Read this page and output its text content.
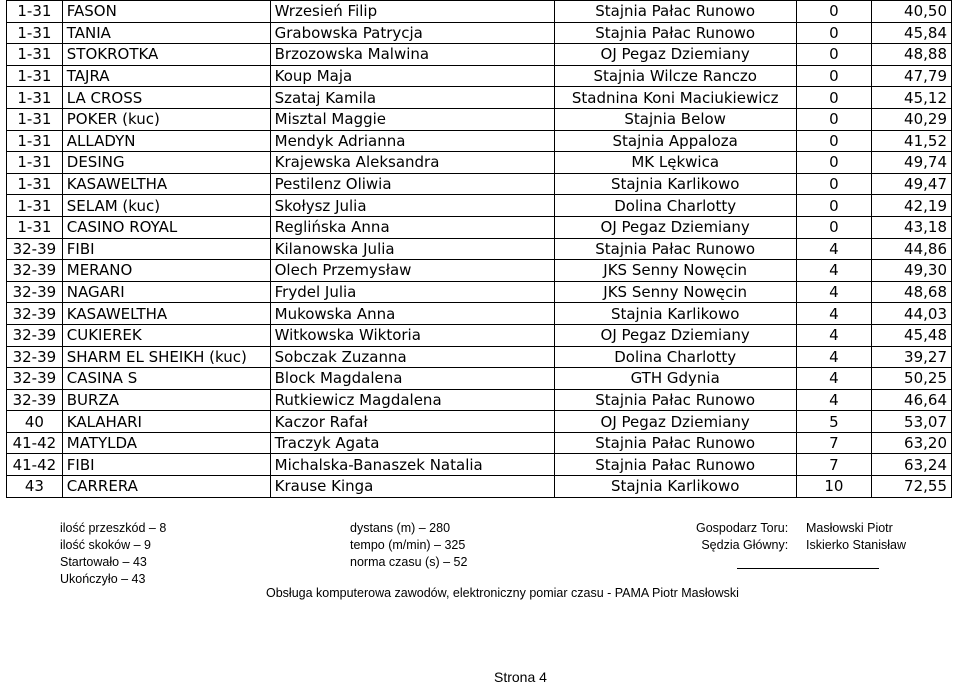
1-31	FASON	Wrzesień Filip	Stajnia Pałac Runowo	0	40,50
1-31	TANIA	Grabowska Patrycja	Stajnia Pałac Runowo	0	45,84
1-31	STOKROTKA	Brzozowska Malwina	OJ Pegaz Dziemiany	0	48,88
1-31	TAJRA	Koup Maja	Stajnia Wilcze Ranczo	0	47,79
1-31	LA CROSS	Szataj Kamila	Stadnina Koni Maciukiewicz	0	45,12
1-31	POKER (kuc)	Misztal Maggie	Stajnia Below	0	40,29
1-31	ALLADYN	Mendyk Adrianna	Stajnia Appaloza	0	41,52
1-31	DESING	Krajewska Aleksandra	MK Lękwica	0	49,74
1-31	KASAWELTHA	Pestilenz Oliwia	Stajnia Karlikowo	0	49,47
1-31	SELAM (kuc)	Skołysz Julia	Dolina Charlotty	0	42,19
1-31	CASINO ROYAL	Reglińska Anna	OJ Pegaz Dziemiany	0	43,18
32-39	FIBI	Kilanowska Julia	Stajnia Pałac Runowo	4	44,86
32-39	MERANO	Olech Przemysław	JKS Senny Nowęcin	4	49,30
32-39	NAGARI	Frydel Julia	JKS Senny Nowęcin	4	48,68
32-39	KASAWELTHA	Mukowska Anna	Stajnia Karlikowo	4	44,03
32-39	CUKIEREK	Witkowska Wiktoria	OJ Pegaz Dziemiany	4	45,48
32-39	SHARM EL SHEIKH (kuc)	Sobczak Zuzanna	Dolina Charlotty	4	39,27
32-39	CASINA S	Block Magdalena	GTH Gdynia	4	50,25
32-39	BURZA	Rutkiewicz Magdalena	Stajnia Pałac Runowo	4	46,64
40	KALAHARI	Kaczor Rafał	OJ Pegaz Dziemiany	5	53,07
41-42	MATYLDA	Traczyk Agata	Stajnia Pałac Runowo	7	63,20
41-42	FIBI	Michalska-Banaszek Natalia	Stajnia Pałac Runowo	7	63,24
43	CARRERA	Krause Kinga	Stajnia Karlikowo	10	72,55
ilość przeszkód – 8
ilość skoków – 9
Startowało – 43
Ukończyło – 43
dystans (m) – 280
tempo (m/min) – 325
norma czasu (s) – 52
Gospodarz Toru:
Sędzia Główny:
Masłowski Piotr
Iskierko Stanisław
Obsługa komputerowa zawodów, elektroniczny pomiar czasu - PAMA Piotr Masłowski
Strona 4
